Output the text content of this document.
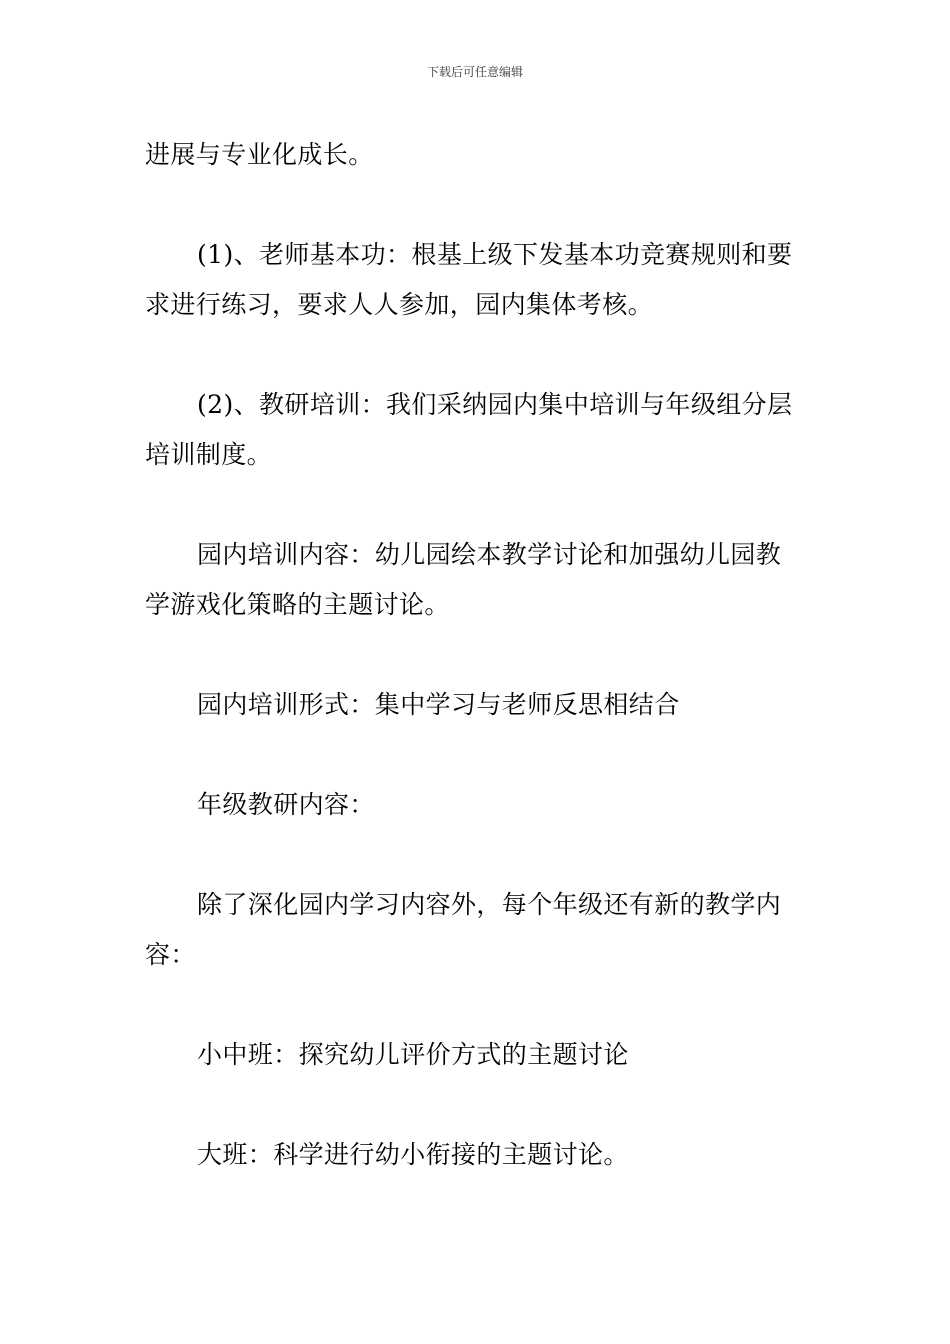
下载后可任意编辑

进展与专业化成长。

(1)、老师基本功：根基上级下发基本功竞赛规则和要
求进行练习，要求人人参加，园内集体考核。

(2)、教研培训：我们采纳园内集中培训与年级组分层
培训制度。

园内培训内容：幼儿园绘本教学讨论和加强幼儿园教
学游戏化策略的主题讨论。

园内培训形式：集中学习与老师反思相结合

年级教研内容：

除了深化园内学习内容外，每个年级还有新的教学内
容：

小中班：探究幼儿评价方式的主题讨论

大班：科学进行幼小衔接的主题讨论。
